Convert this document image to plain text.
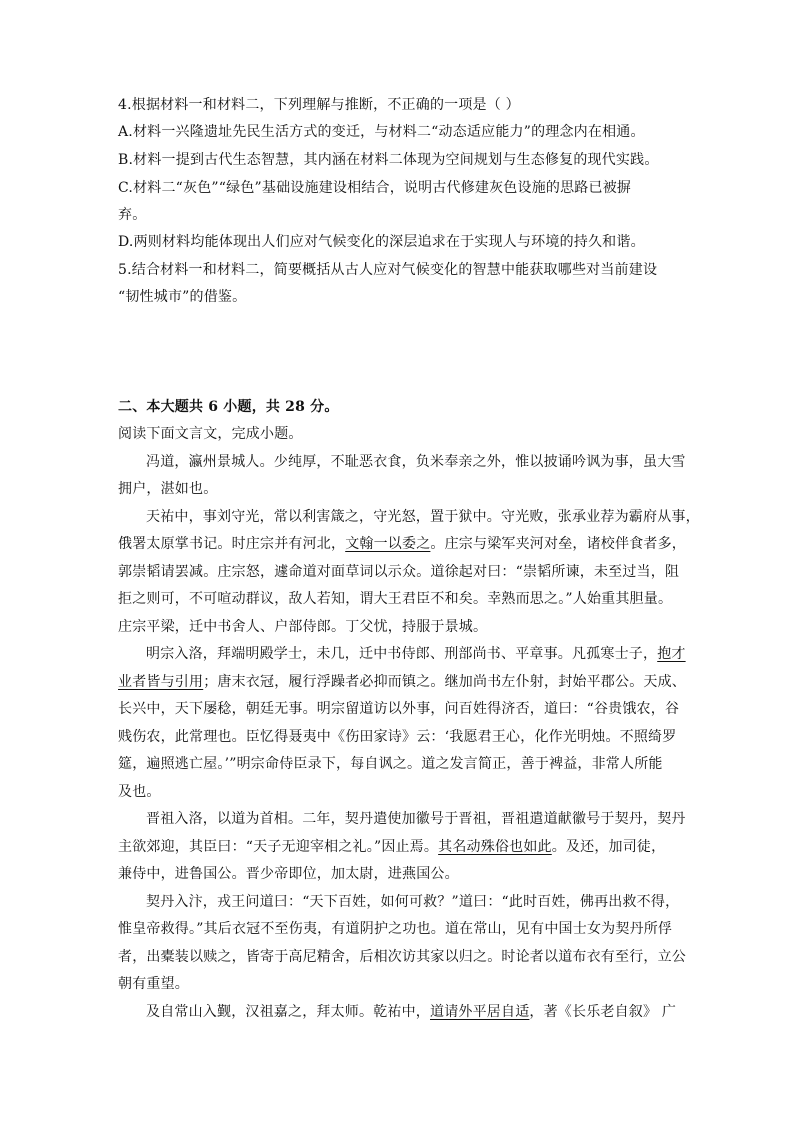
4.根据材料一和材料二，下列理解与推断，不正确的一项是（ ）
A.材料一兴隆遗址先民生活方式的变迁，与材料二“动态适应能力”的理念内在相通。
B.材料一提到古代生态智慧，其内涵在材料二体现为空间规划与生态修复的现代实践。
C.材料二“灰色”“绿色”基础设施建设相结合，说明古代修建灰色设施的思路已被摒
弃。
D.两则材料均能体现出人们应对气候变化的深层追求在于实现人与环境的持久和谐。
5.结合材料一和材料二，简要概括从古人应对气候变化的智慧中能获取哪些对当前建设
“韧性城市”的借鉴。
二、本大题共 6 小题，共 28 分。
阅读下面文言文，完成小题。
冯道，瀛州景城人。少纯厚，不耻恶衣食，负米奉亲之外，惟以披诵吟讽为事，虽大雪
拥户，湛如也。
天祐中，事刘守光，常以利害箴之，守光怒，置于狱中。守光败，张承业荐为霸府从事，
俄署太原掌书记。时庄宗并有河北，文翰一以委之。庄宗与梁军夹河对垒，诸校伴食者多，
郭崇韬请罢减。庄宗怒，遽命道对面草词以示众。道徐起对曰：“崇韬所谏，未至过当，阻
拒之则可，不可喧动群议，敌人若知，谓大王君臣不和矣。幸熟而思之。”人始重其胆量。
庄宗平梁，迁中书舍人、户部侍郎。丁父忧，持服于景城。
明宗入洛，拜端明殿学士，未几，迁中书侍郎、刑部尚书、平章事。凡孤寒士子，抱才
业者皆与引用；唐末衣冠，履行浮躁者必抑而镇之。继加尚书左仆射，封始平郡公。天成、
长兴中，天下屡稔，朝廷无事。明宗留道访以外事，问百姓得济否，道曰：“谷贵饿农，谷
贱伤农，此常理也。臣忆得聂夷中《伤田家诗》云：‘我愿君王心，化作光明烛。不照绮罗
筵，遍照逃亡屋。’”明宗命侍臣录下，每自讽之。道之发言简正，善于裨益，非常人所能
及也。
晋祖入洛，以道为首相。二年，契丹遣使加徽号于晋祖，晋祖遣道献徽号于契丹，契丹
主欲郊迎，其臣曰：“天子无迎宰相之礼。”因止焉。其名动殊俗也如此。及还，加司徒，
兼侍中，进鲁国公。晋少帝即位，加太尉，进燕国公。
契丹入汴，戎王问道曰：“天下百姓，如何可救？”道曰：“此时百姓，佛再出救不得，
惟皇帝救得。”其后衣冠不至伤夷，有道阴护之功也。道在常山，见有中国士女为契丹所俘
者，出橐装以赎之，皆寄于高尼精舍，后相次访其家以归之。时论者以道布衣有至行，立公
朝有重望。
及自常山入觐，汉祖嘉之，拜太师。乾祐中，道请外平居自适，著《长乐老自叙》 广
